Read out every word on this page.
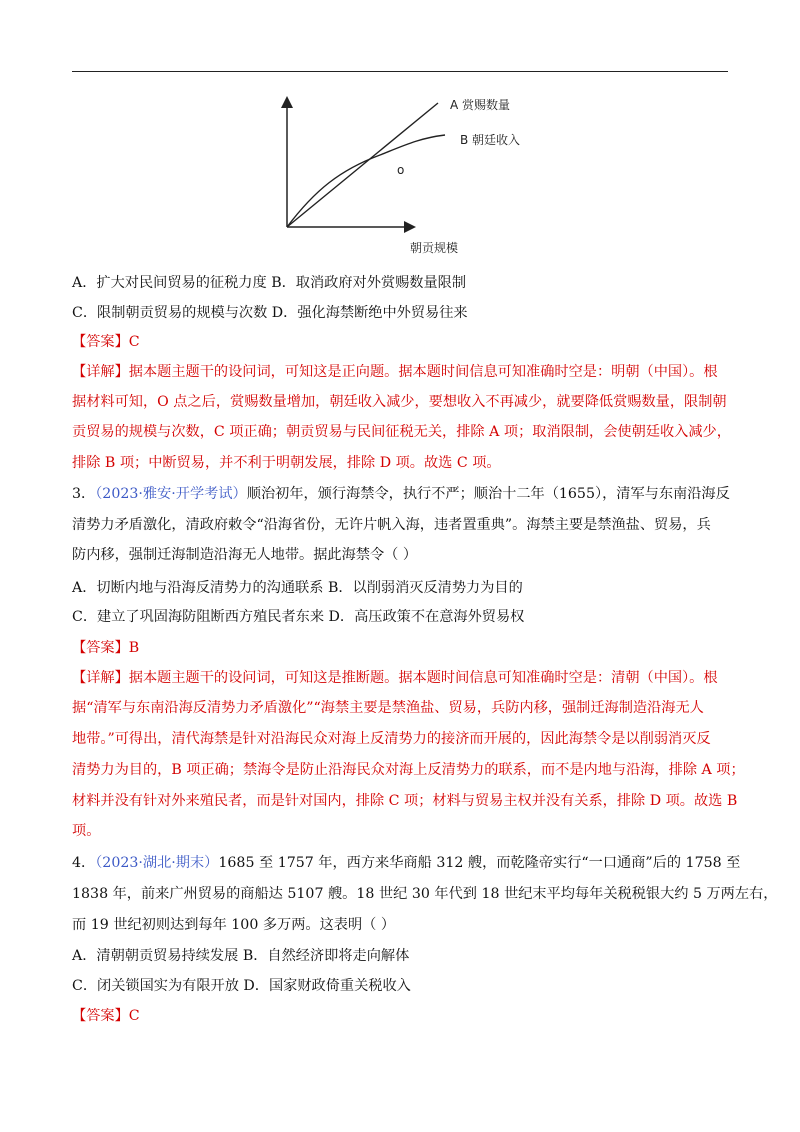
A 赏赐数量
B 朝廷收入
o
朝贡规模
A．扩大对民间贸易的征税力度 B．取消政府对外赏赐数量限制
C．限制朝贡贸易的规模与次数 D．强化海禁断绝中外贸易往来
【答案】C
【详解】据本题主题干的设问词，可知这是正向题。据本题时间信息可知准确时空是：明朝（中国）。根
据材料可知，O 点之后，赏赐数量增加，朝廷收入减少，要想收入不再减少，就要降低赏赐数量，限制朝
贡贸易的规模与次数，C 项正确；朝贡贸易与民间征税无关，排除 A 项；取消限制，会使朝廷收入减少，
排除 B 项；中断贸易，并不利于明朝发展，排除 D 项。故选 C 项。
3．（2023·雅安·开学考试）顺治初年，颁行海禁令，执行不严；顺治十二年（1655），清军与东南沿海反
清势力矛盾激化，清政府敕令“沿海省份，无许片帆入海，违者置重典”。海禁主要是禁渔盐、贸易，兵
防内移，强制迁海制造沿海无人地带。据此海禁令（ ）
A．切断内地与沿海反清势力的沟通联系 B．以削弱消灭反清势力为目的
C．建立了巩固海防阻断西方殖民者东来 D．高压政策不在意海外贸易权
【答案】B
【详解】据本题主题干的设问词，可知这是推断题。据本题时间信息可知准确时空是：清朝（中国）。根
据“清军与东南沿海反清势力矛盾激化”“海禁主要是禁渔盐、贸易，兵防内移，强制迁海制造沿海无人
地带。”可得出，清代海禁是针对沿海民众对海上反清势力的接济而开展的，因此海禁令是以削弱消灭反
清势力为目的，B 项正确；禁海令是防止沿海民众对海上反清势力的联系，而不是内地与沿海，排除 A 项；
材料并没有针对外来殖民者，而是针对国内，排除 C 项；材料与贸易主权并没有关系，排除 D 项。故选 B
项。
4．（2023·湖北·期末）1685 至 1757 年，西方来华商船 312 艘，而乾隆帝实行“一口通商”后的 1758 至
1838 年，前来广州贸易的商船达 5107 艘。18 世纪 30 年代到 18 世纪末平均每年关税税银大约 5 万两左右，
而 19 世纪初则达到每年 100 多万两。这表明（ ）
A．清朝朝贡贸易持续发展 B．自然经济即将走向解体
C．闭关锁国实为有限开放 D．国家财政倚重关税收入
【答案】C
